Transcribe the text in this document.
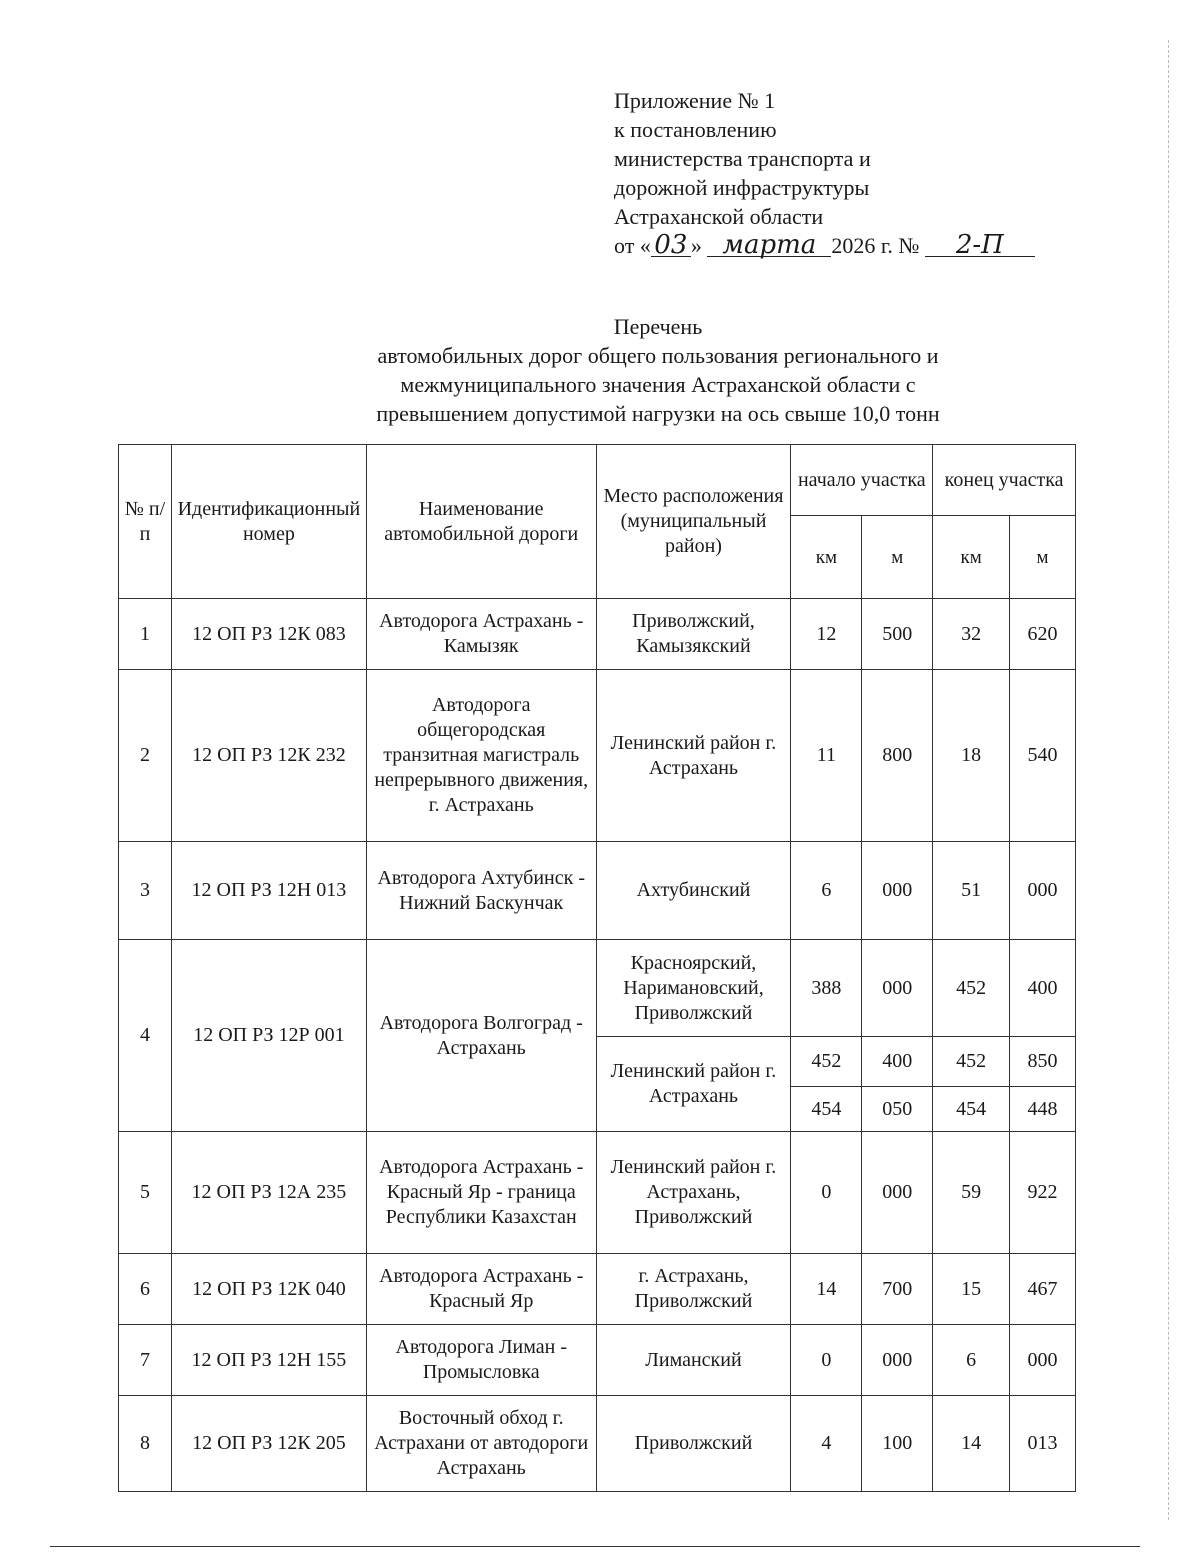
Приложение № 1
к постановлению
министерства транспорта и
дорожной инфраструктуры
Астраханской области
от « 03 » марта 2026 г. № 2-П
Перечень
автомобильных дорог общего пользования регионального и
межмуниципального значения Астраханской области с
превышением допустимой нагрузки на ось свыше 10,0 тонн
№ п/п	Идентификационный номер	Наименование автомобильной дороги	Место расположения (муниципальный район)	начало участка		конец участка	
				км	м	км	м
1	12 ОП РЗ 12К 083	Автодорога Астрахань - Камызяк	Приволжский, Камызякский	12	500	32	620
2	12 ОП РЗ 12К 232	Автодорога общегородская транзитная магистраль непрерывного движения, г. Астрахань	Ленинский район г. Астрахань	11	800	18	540
3	12 ОП РЗ 12Н 013	Автодорога Ахтубинск - Нижний Баскунчак	Ахтубинский	6	000	51	000
4	12 ОП РЗ 12Р 001	Автодорога Волгоград - Астрахань	Красноярский, Наримановский, Приволжский	388	000	452	400
			Ленинский район г. Астрахань	452	400	452	850
				454	050	454	448
5	12 ОП РЗ 12А 235	Автодорога Астрахань - Красный Яр - граница Республики Казахстан	Ленинский район г. Астрахань, Приволжский	0	000	59	922
6	12 ОП РЗ 12К 040	Автодорога Астрахань - Красный Яр	г. Астрахань, Приволжский	14	700	15	467
7	12 ОП РЗ 12Н 155	Автодорога Лиман - Промысловка	Лиманский	0	000	6	000
8	12 ОП РЗ 12К 205	Восточный обход г. Астрахани от автодороги Астрахань	Приволжский	4	100	14	013
